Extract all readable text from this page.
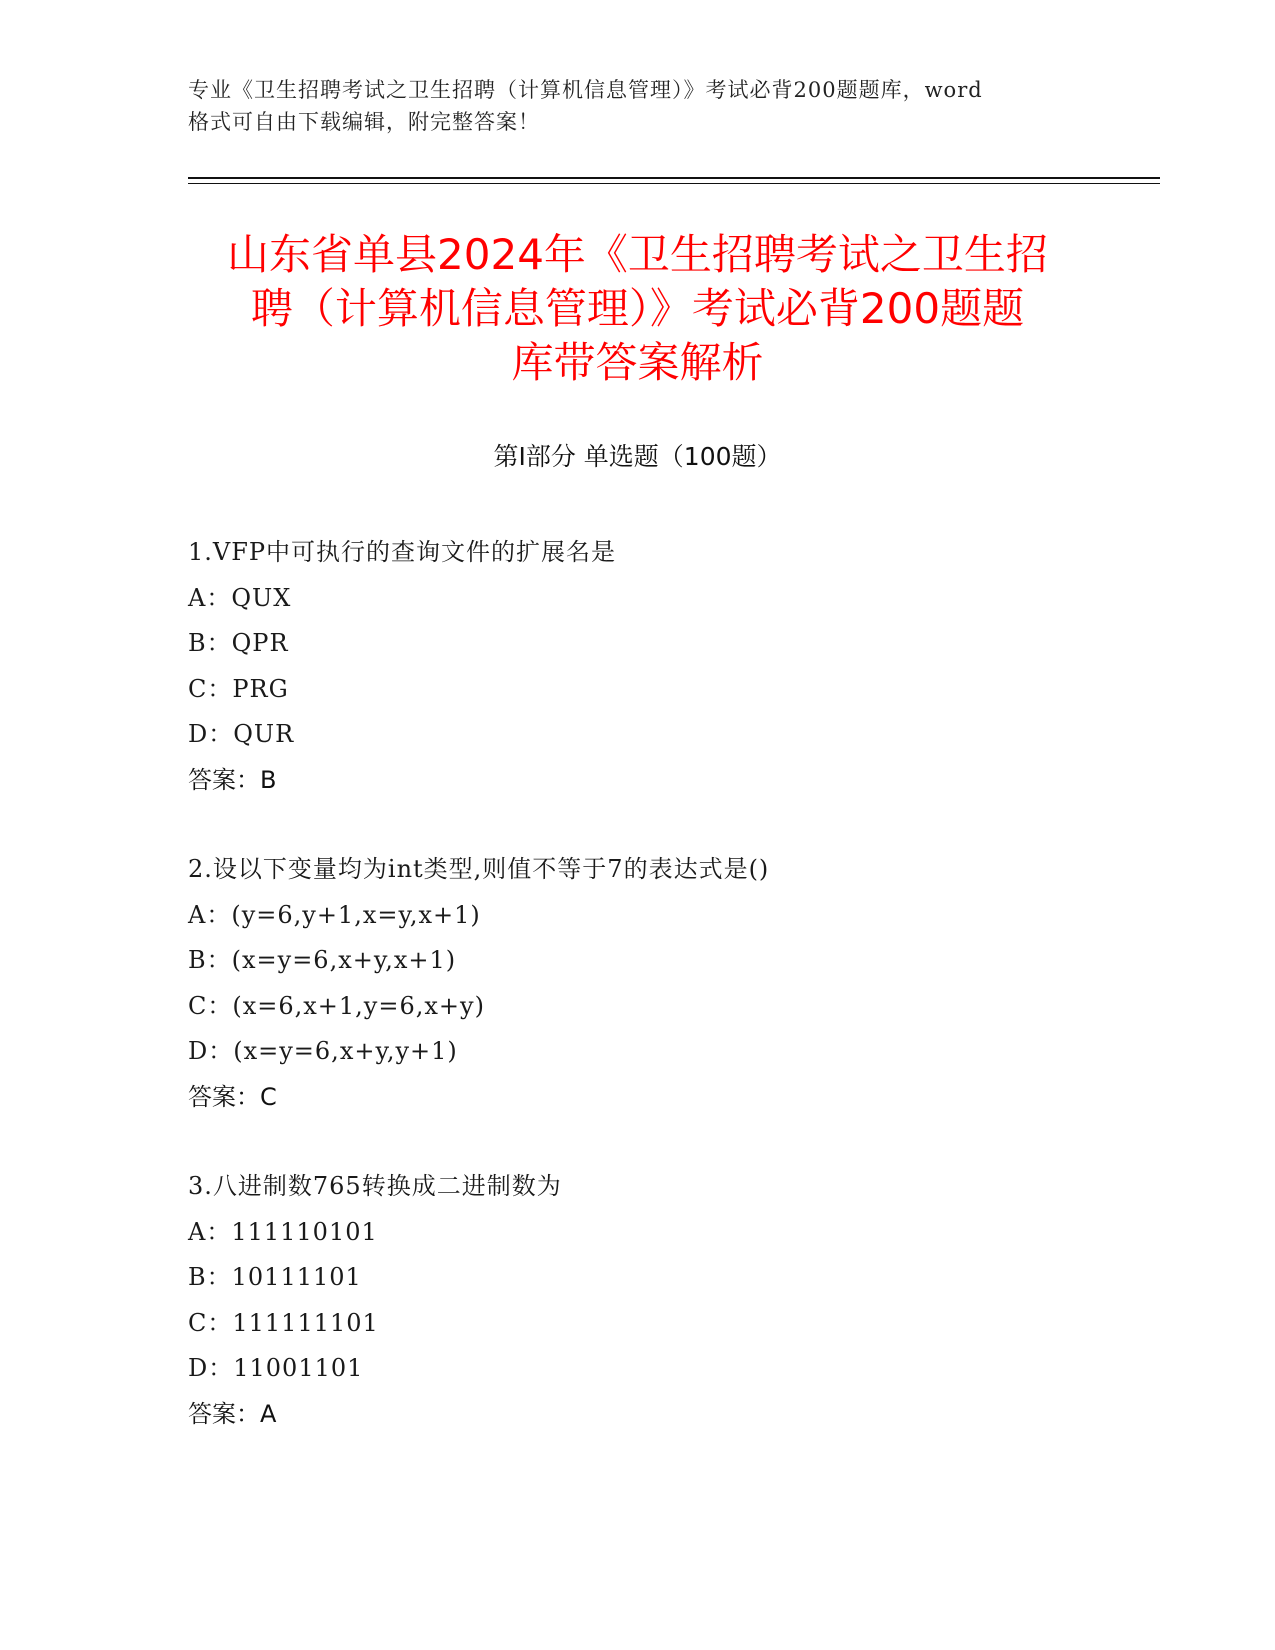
专业《卫生招聘考试之卫生招聘（计算机信息管理）》考试必背200题题库，word
格式可自由下载编辑，附完整答案！
山东省单县2024年《卫生招聘考试之卫生招
聘（计算机信息管理）》考试必背200题题
库带答案解析
第Ⅰ部分 单选题（100题）
1.VFP中可执行的查询文件的扩展名是
A：QUX
B：QPR
C：PRG
D：QUR
答案：B
2.设以下变量均为int类型,则值不等于7的表达式是()
A：(y=6,y+1,x=y,x+1)
B：(x=y=6,x+y,x+1)
C：(x=6,x+1,y=6,x+y)
D：(x=y=6,x+y,y+1)
答案：C
3.八进制数765转换成二进制数为
A：111110101
B：10111101
C：111111101
D：11001101
答案：A
